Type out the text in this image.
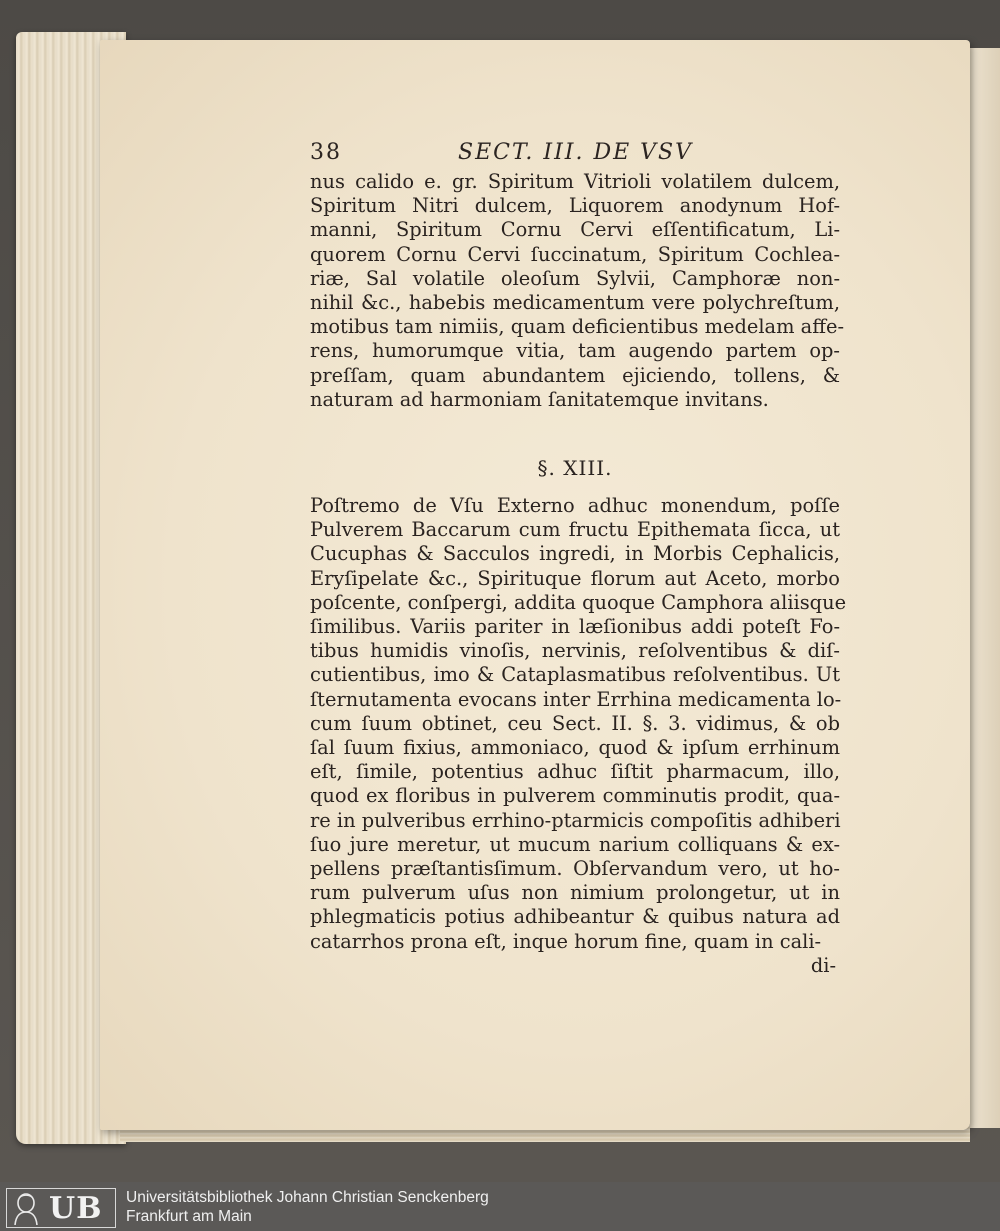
38	SECT. III. DE VSV
nus calido e. gr. Spiritum Vitrioli volatilem dulcem,
Spiritum Nitri dulcem, Liquorem anodynum Hof-
manni, Spiritum Cornu Cervi eſſentificatum, Li-
quorem Cornu Cervi ſuccinatum, Spiritum Cochlea-
riæ, Sal volatile oleoſum Sylvii, Camphoræ non-
nihil &c., habebis medicamentum vere polychreſtum,
motibus tam nimiis, quam deficientibus medelam affe-
rens, humorumque vitia, tam augendo partem op-
preſſam, quam abundantem ejiciendo, tollens, &
naturam ad harmoniam ſanitatemque invitans.
§. XIII.
Poſtremo de Vſu Externo adhuc monendum, poſſe
Pulverem Baccarum cum fructu Epithemata ſicca, ut
Cucuphas & Sacculos ingredi, in Morbis Cephalicis,
Eryſipelate &c., Spirituque florum aut Aceto, morbo
poſcente, conſpergi, addita quoque Camphora aliisque
ſimilibus. Variis pariter in læſionibus addi poteſt Fo-
tibus humidis vinoſis, nervinis, reſolventibus & diſ-
cutientibus, imo & Cataplasmatibus reſolventibus. Ut
ſternutamenta evocans inter Errhina medicamenta lo-
cum ſuum obtinet, ceu Sect. II. §. 3. vidimus, & ob
ſal ſuum fixius, ammoniaco, quod & ipſum errhinum
eſt, ſimile, potentius adhuc ſiſtit pharmacum, illo,
quod ex floribus in pulverem comminutis prodit, qua-
re in pulveribus errhino-ptarmicis compoſitis adhiberi
ſuo jure meretur, ut mucum narium colliquans & ex-
pellens præſtantisſimum. Obſervandum vero, ut ho-
rum pulverum uſus non nimium prolongetur, ut in
phlegmaticis potius adhibeantur & quibus natura ad
catarrhos prona eſt, inque horum fine, quam in cali-
di-
UB Universitätsbibliothek Johann Christian Senckenberg
Frankfurt am Main
